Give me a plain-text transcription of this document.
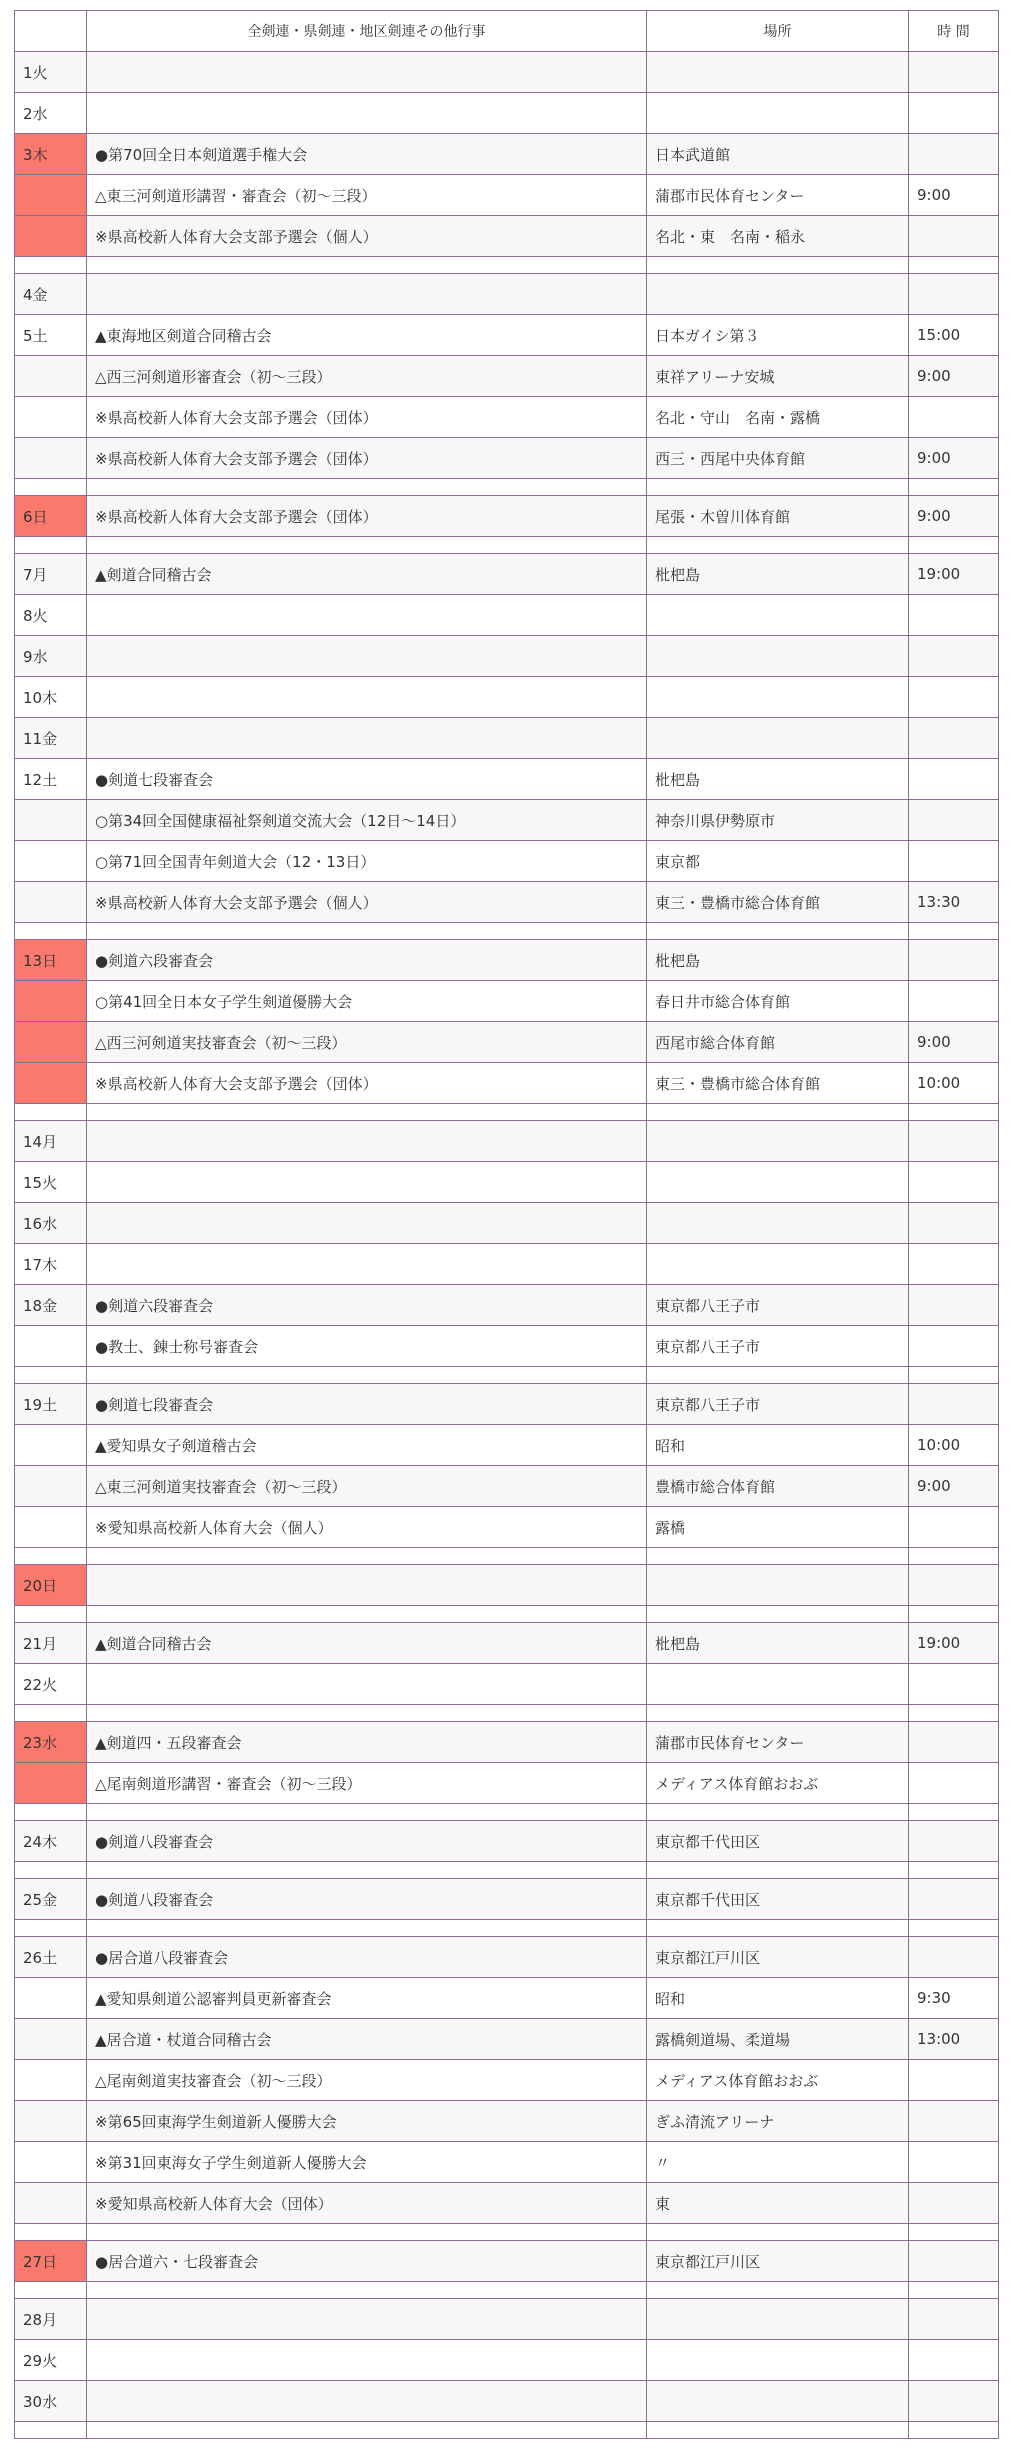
	全剣連・県剣連・地区剣連その他行事	場所	時 間
1火			
2水			
3木	●第70回全日本剣道選手権大会	日本武道館	
	△東三河剣道形講習・審査会（初〜三段）	蒲郡市民体育センター	9:00
	※県高校新人体育大会支部予選会（個人）	名北・東　名南・稲永	

4金			
5土	▲東海地区剣道合同稽古会	日本ガイシ第３	15:00
	△西三河剣道形審査会（初〜三段）	東祥アリーナ安城	9:00
	※県高校新人体育大会支部予選会（団体）	名北・守山　名南・露橋	
	※県高校新人体育大会支部予選会（団体）	西三・西尾中央体育館	9:00

6日	※県高校新人体育大会支部予選会（団体）	尾張・木曽川体育館	9:00

7月	▲剣道合同稽古会	枇杷島	19:00
8火			
9水			
10木			
11金			
12土	●剣道七段審査会	枇杷島	
	○第34回全国健康福祉祭剣道交流大会（12日〜14日）	神奈川県伊勢原市	
	○第71回全国青年剣道大会（12・13日）	東京都	
	※県高校新人体育大会支部予選会（個人）	東三・豊橋市総合体育館	13:30

13日	●剣道六段審査会	枇杷島	
	○第41回全日本女子学生剣道優勝大会	春日井市総合体育館	
	△西三河剣道実技審査会（初〜三段）	西尾市総合体育館	9:00
	※県高校新人体育大会支部予選会（団体）	東三・豊橋市総合体育館	10:00

14月			
15火			
16水			
17木			
18金	●剣道六段審査会	東京都八王子市	
	●教士、錬士称号審査会	東京都八王子市	

19土	●剣道七段審査会	東京都八王子市	
	▲愛知県女子剣道稽古会	昭和	10:00
	△東三河剣道実技審査会（初〜三段）	豊橋市総合体育館	9:00
	※愛知県高校新人体育大会（個人）	露橋	

20日			

21月	▲剣道合同稽古会	枇杷島	19:00
22火			

23水	▲剣道四・五段審査会	蒲郡市民体育センター	
	△尾南剣道形講習・審査会（初〜三段）	メディアス体育館おおぶ	

24木	●剣道八段審査会	東京都千代田区	

25金	●剣道八段審査会	東京都千代田区	

26土	●居合道八段審査会	東京都江戸川区	
	▲愛知県剣道公認審判員更新審査会	昭和	9:30
	▲居合道・杖道合同稽古会	露橋剣道場、柔道場	13:00
	△尾南剣道実技審査会（初〜三段）	メディアス体育館おおぶ	
	※第65回東海学生剣道新人優勝大会	ぎふ清流アリーナ	
	※第31回東海女子学生剣道新人優勝大会	〃	
	※愛知県高校新人体育大会（団体）	東	

27日	●居合道六・七段審査会	東京都江戸川区	

28月			
29火			
30水			
